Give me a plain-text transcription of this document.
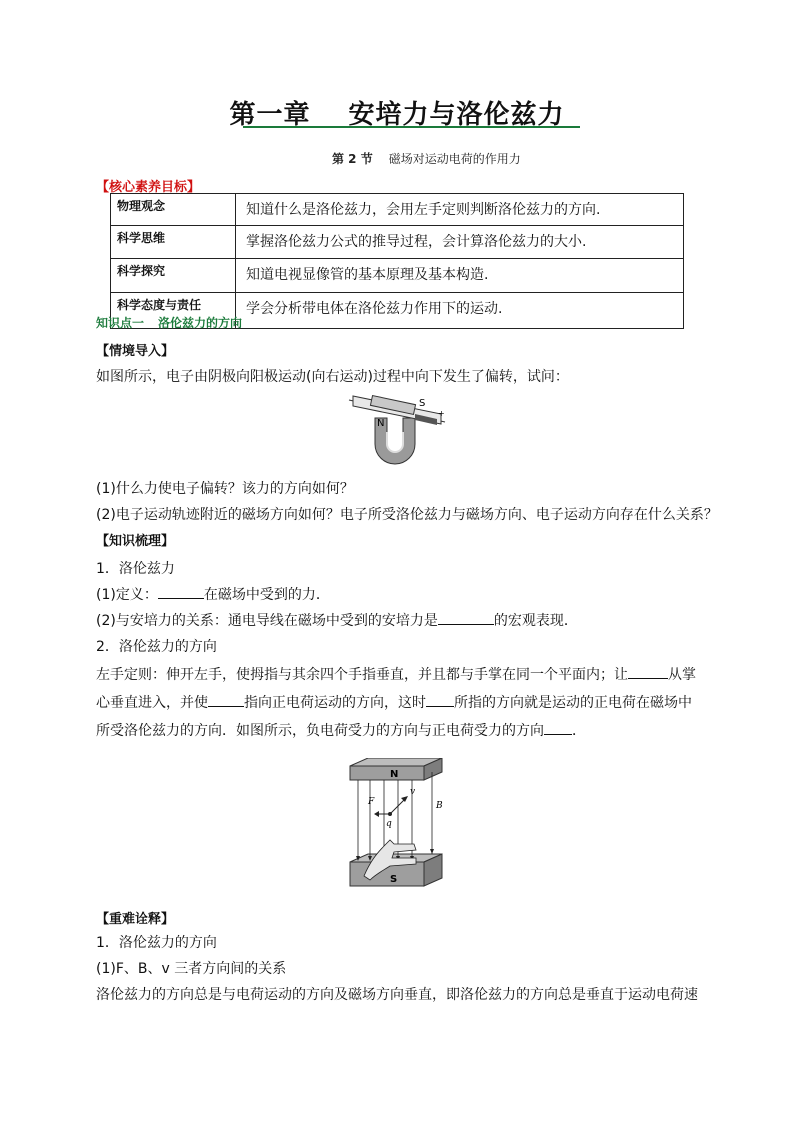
第一章 安培力与洛伦兹力
第 2 节 磁场对运动电荷的作用力
【核心素养目标】
物理观念	知道什么是洛伦兹力，会用左手定则判断洛伦兹力的方向.
科学思维	掌握洛伦兹力公式的推导过程，会计算洛伦兹力的大小.
科学探究	知道电视显像管的基本原理及基本构造.
科学态度与责任	学会分析带电体在洛伦兹力作用下的运动.
知识点一 洛伦兹力的方向
【情境导入】
如图所示，电子由阴极向阳极运动(向右运动)过程中向下发生了偏转，试问：
N
S
+
(1)什么力使电子偏转？该力的方向如何？
(2)电子运动轨迹附近的磁场方向如何？电子所受洛伦兹力与磁场方向、电子运动方向存在什么关系？
【知识梳理】
1．洛伦兹力
(1)定义：	在磁场中受到的力．
(2)与安培力的关系：通电导线在磁场中受到的安培力是	的宏观表现．
2．洛伦兹力的方向
左手定则：伸开左手，使拇指与其余四个手指垂直，并且都与手掌在同一个平面内；让	从掌
心垂直进入，并使	指向正电荷运动的方向，这时 所指的方向就是运动的正电荷在磁场中
所受洛伦兹力的方向．如图所示，负电荷受力的方向与正电荷受力的方向 ．
N
S
F
v
q
B
【重难诠释】
1．洛伦兹力的方向
(1)F、B、v 三者方向间的关系
洛伦兹力的方向总是与电荷运动的方向及磁场方向垂直，即洛伦兹力的方向总是垂直于运动电荷速
